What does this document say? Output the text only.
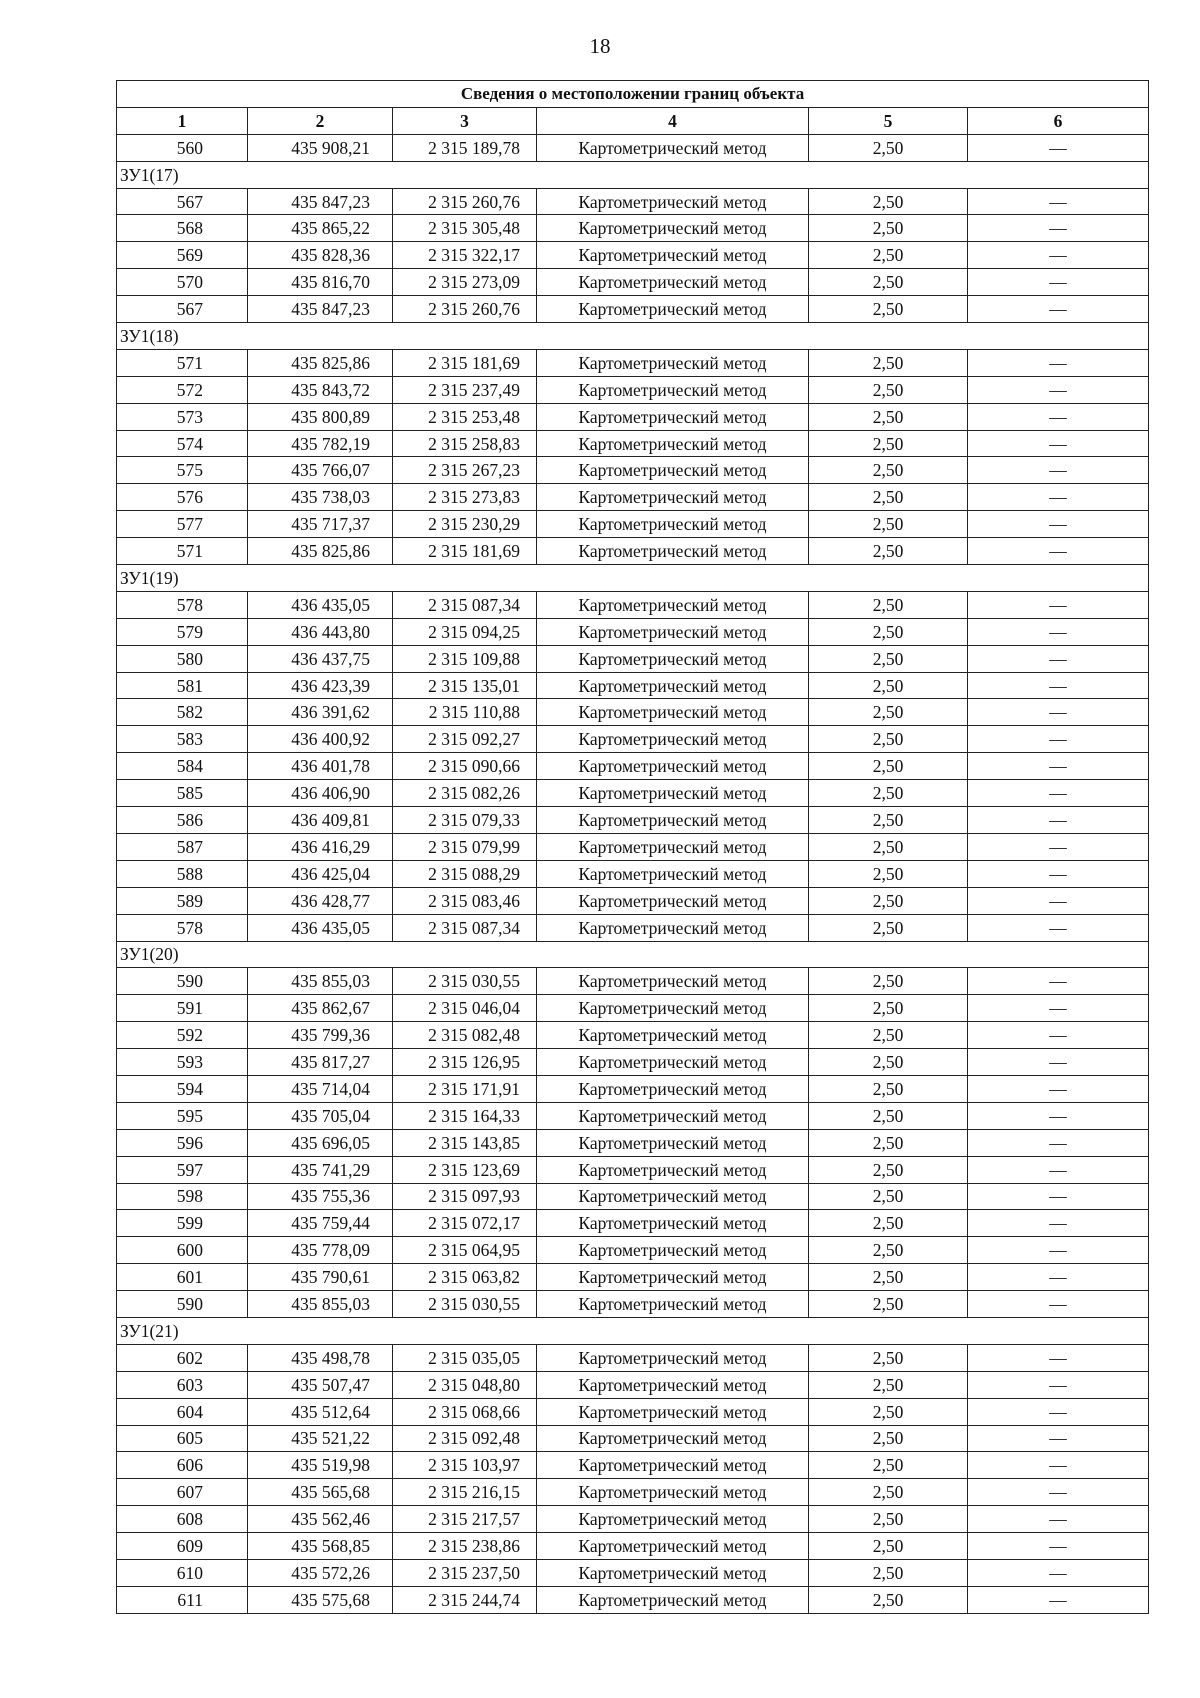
18
Сведения о местоположении границ объекта					
1	2	3	4	5	6
560	435 908,21	2 315 189,78	Картометрический метод	2,50	—
ЗУ1(17)					
567	435 847,23	2 315 260,76	Картометрический метод	2,50	—
568	435 865,22	2 315 305,48	Картометрический метод	2,50	—
569	435 828,36	2 315 322,17	Картометрический метод	2,50	—
570	435 816,70	2 315 273,09	Картометрический метод	2,50	—
567	435 847,23	2 315 260,76	Картометрический метод	2,50	—
ЗУ1(18)					
571	435 825,86	2 315 181,69	Картометрический метод	2,50	—
572	435 843,72	2 315 237,49	Картометрический метод	2,50	—
573	435 800,89	2 315 253,48	Картометрический метод	2,50	—
574	435 782,19	2 315 258,83	Картометрический метод	2,50	—
575	435 766,07	2 315 267,23	Картометрический метод	2,50	—
576	435 738,03	2 315 273,83	Картометрический метод	2,50	—
577	435 717,37	2 315 230,29	Картометрический метод	2,50	—
571	435 825,86	2 315 181,69	Картометрический метод	2,50	—
ЗУ1(19)					
578	436 435,05	2 315 087,34	Картометрический метод	2,50	—
579	436 443,80	2 315 094,25	Картометрический метод	2,50	—
580	436 437,75	2 315 109,88	Картометрический метод	2,50	—
581	436 423,39	2 315 135,01	Картометрический метод	2,50	—
582	436 391,62	2 315 110,88	Картометрический метод	2,50	—
583	436 400,92	2 315 092,27	Картометрический метод	2,50	—
584	436 401,78	2 315 090,66	Картометрический метод	2,50	—
585	436 406,90	2 315 082,26	Картометрический метод	2,50	—
586	436 409,81	2 315 079,33	Картометрический метод	2,50	—
587	436 416,29	2 315 079,99	Картометрический метод	2,50	—
588	436 425,04	2 315 088,29	Картометрический метод	2,50	—
589	436 428,77	2 315 083,46	Картометрический метод	2,50	—
578	436 435,05	2 315 087,34	Картометрический метод	2,50	—
ЗУ1(20)					
590	435 855,03	2 315 030,55	Картометрический метод	2,50	—
591	435 862,67	2 315 046,04	Картометрический метод	2,50	—
592	435 799,36	2 315 082,48	Картометрический метод	2,50	—
593	435 817,27	2 315 126,95	Картометрический метод	2,50	—
594	435 714,04	2 315 171,91	Картометрический метод	2,50	—
595	435 705,04	2 315 164,33	Картометрический метод	2,50	—
596	435 696,05	2 315 143,85	Картометрический метод	2,50	—
597	435 741,29	2 315 123,69	Картометрический метод	2,50	—
598	435 755,36	2 315 097,93	Картометрический метод	2,50	—
599	435 759,44	2 315 072,17	Картометрический метод	2,50	—
600	435 778,09	2 315 064,95	Картометрический метод	2,50	—
601	435 790,61	2 315 063,82	Картометрический метод	2,50	—
590	435 855,03	2 315 030,55	Картометрический метод	2,50	—
ЗУ1(21)					
602	435 498,78	2 315 035,05	Картометрический метод	2,50	—
603	435 507,47	2 315 048,80	Картометрический метод	2,50	—
604	435 512,64	2 315 068,66	Картометрический метод	2,50	—
605	435 521,22	2 315 092,48	Картометрический метод	2,50	—
606	435 519,98	2 315 103,97	Картометрический метод	2,50	—
607	435 565,68	2 315 216,15	Картометрический метод	2,50	—
608	435 562,46	2 315 217,57	Картометрический метод	2,50	—
609	435 568,85	2 315 238,86	Картометрический метод	2,50	—
610	435 572,26	2 315 237,50	Картометрический метод	2,50	—
611	435 575,68	2 315 244,74	Картометрический метод	2,50	—
